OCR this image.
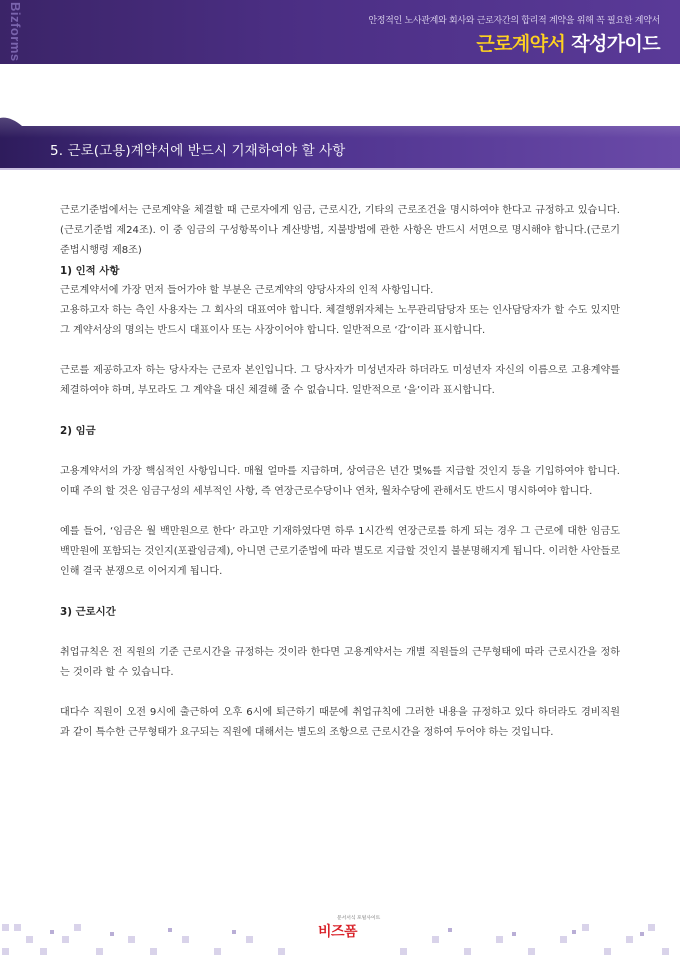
Bizforms	안정적인 노사관계와 회사와 근로자간의 합리적 계약을 위해 꼭 필요한 계약서
근로계약서 작성가이드
5. 근로(고용)계약서에 반드시 기재하여야 할 사항

근로기준법에서는 근로계약을 체결할 때 근로자에게 임금, 근로시간, 기타의 근로조건을 명시하여야 한다고 규정하고 있습니다.(근로기준법 제24조). 이 중 임금의 구성항목이나 계산방법, 지불방법에 관한 사항은 반드시 서면으로 명시해야 합니다.(근로기준법시행령 제8조)

1) 인적 사항

근로계약서에 가장 먼저 들어가야 할 부분은 근로계약의 양당사자의 인적 사항입니다.

고용하고자 하는 측인 사용자는 그 회사의 대표여야 합니다. 체결행위자체는 노무관리담당자 또는 인사담당자가 할 수도 있지만 그 계약서상의 명의는 반드시 대표이사 또는 사장이어야 합니다. 일반적으로 ‘갑’이라 표시합니다.

근로를 제공하고자 하는 당사자는 근로자 본인입니다. 그 당사자가 미성년자라 하더라도 미성년자 자신의 이름으로 고용계약를 체결하여야 하며, 부모라도 그 계약을 대신 체결해 줄 수 없습니다. 일반적으로 ‘을’이라 표시합니다.

2) 임금

고용계약서의 가장 핵심적인 사항입니다. 매월 얼마를 지급하며, 상여금은 년간 몇%를 지급할 것인지 등을 기입하여야 합니다. 이때 주의 할 것은 임금구성의 세부적인 사항, 즉 연장근로수당이나 연차, 월차수당에 관해서도 반드시 명시하여야 합니다.

예를 들어, ‘임금은 월 백만원으로 한다’ 라고만 기재하였다면 하루 1시간씩 연장근로를 하게 되는 경우 그 근로에 대한 임금도 백만원에 포함되는 것인지(포괄임금제), 아니면 근로기준법에 따라 별도로 지급할 것인지 불분명해지게 됩니다. 이러한 사안들로 인해 결국 분쟁으로 이어지게 됩니다.

3) 근로시간

취업규칙은 전 직원의 기준 근로시간을 규정하는 것이라 한다면 고용계약서는 개별 직원들의 근무형태에 따라 근로시간을 정하는 것이라 할 수 있습니다.

대다수 직원이 오전 9시에 출근하여 오후 6시에 퇴근하기 때문에 취업규칙에 그러한 내용을 규정하고 있다 하더라도 경비직원 과 같이 특수한 근무형태가 요구되는 직원에 대해서는 별도의 조항으로 근로시간을 정하여 두어야 하는 것입니다.

문서서식 포털사이트
비즈폼
